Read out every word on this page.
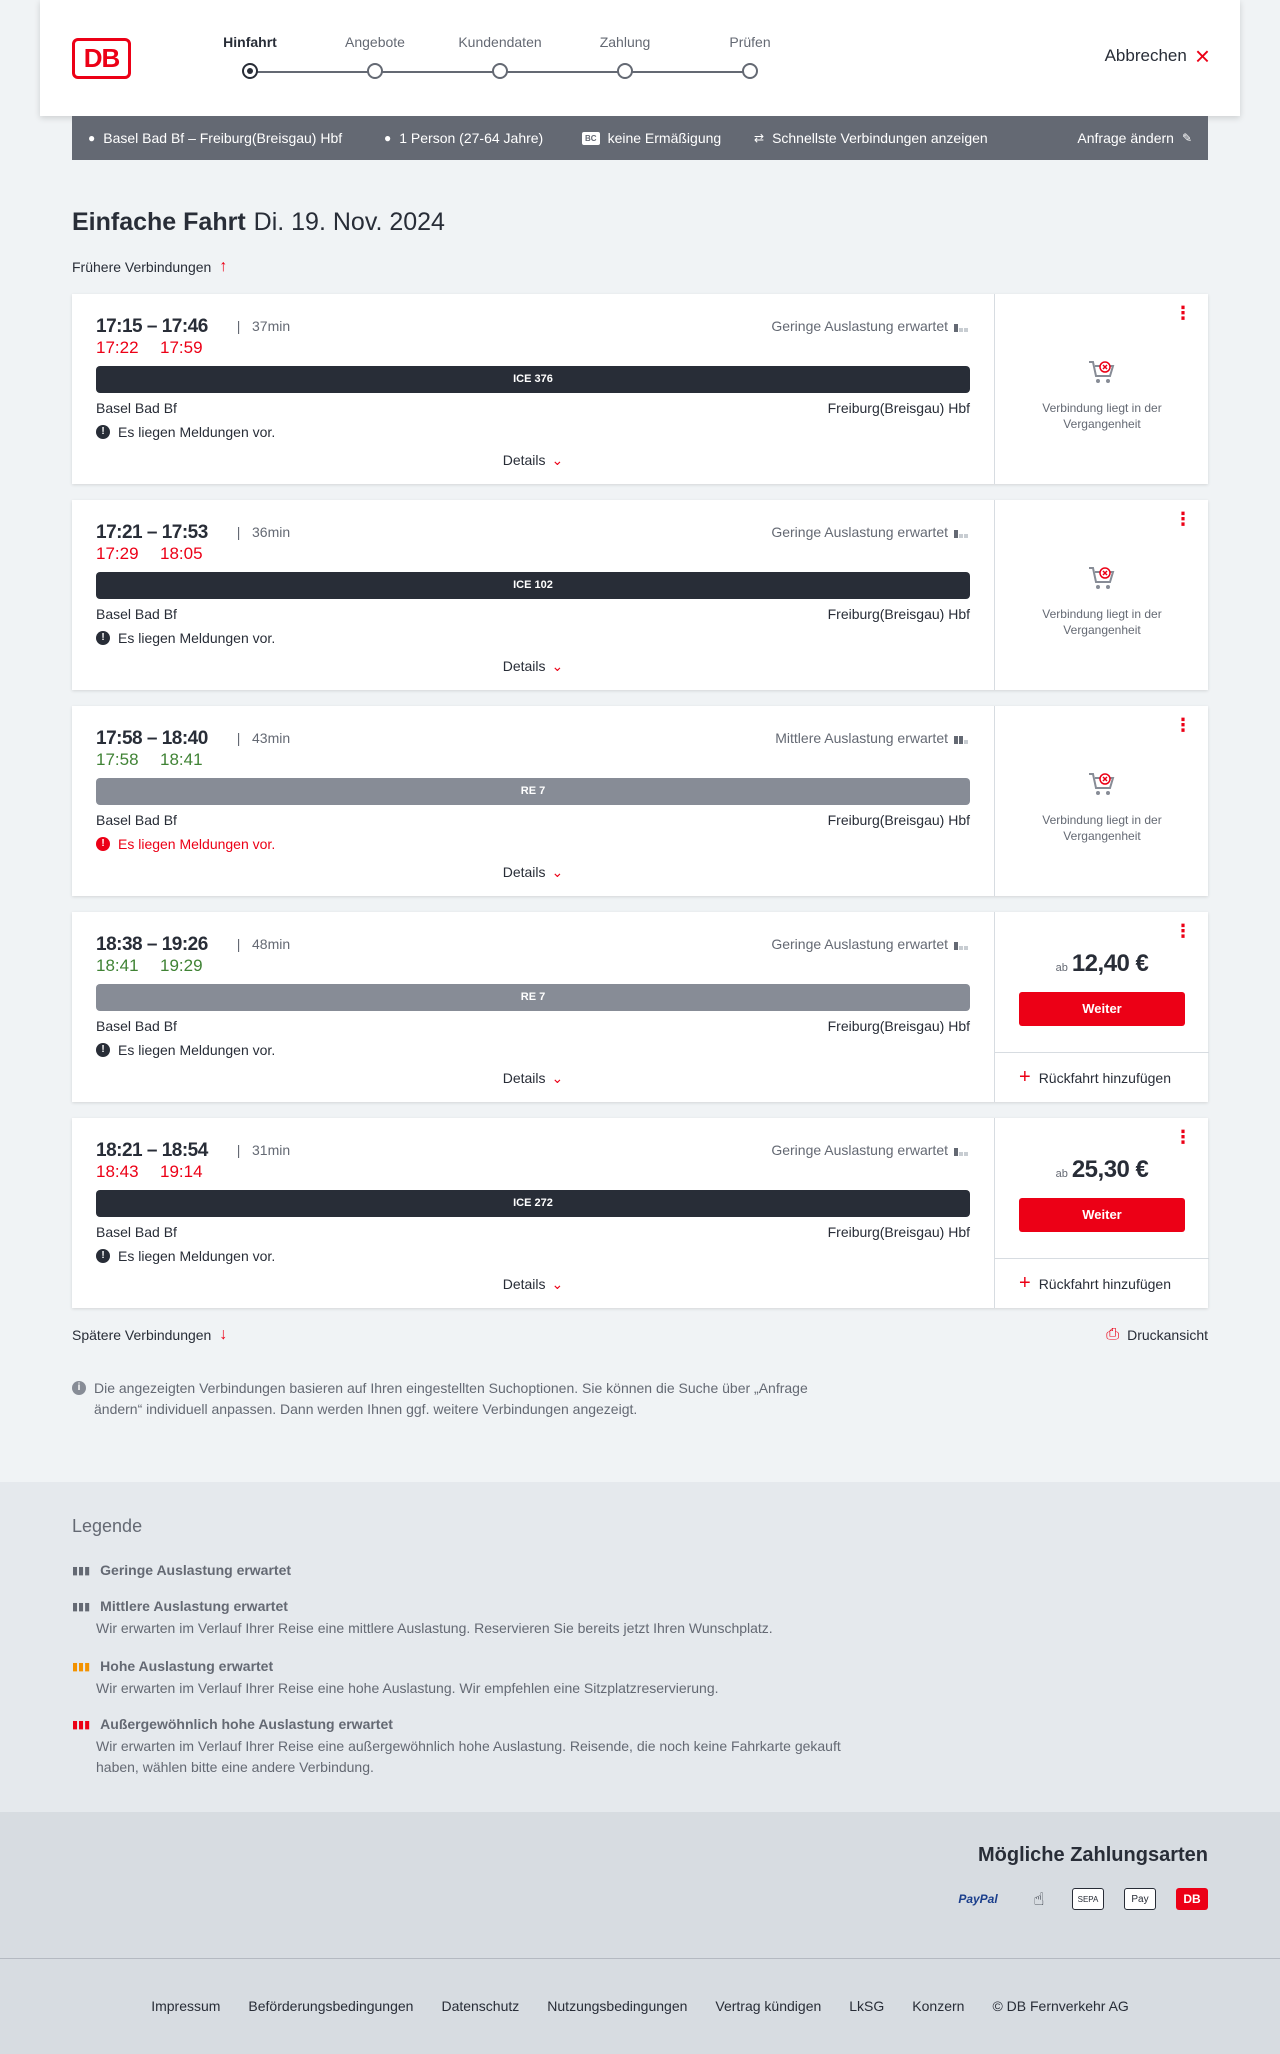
DB
Hinfahrt	Angebote	Kundendaten	Zahlung	Prüfen
Abbrechen ×
● Basel Bad Bf – Freiburg(Breisgau) Hbf	● 1 Person (27-64 Jahre)	BC keine Ermäßigung	⇄ Schnellste Verbindungen anzeigen	Anfrage ändern ✎
Einfache Fahrt Di. 19. Nov. 2024
Frühere Verbindungen ↑
17:15 – 17:46 |   37min
17:22 17:59
Geringe Auslastung erwartet
ICE 376
Basel Bad Bf	Freiburg(Breisgau) Hbf
! Es liegen Meldungen vor.
Details ⌄
⋮
Verbindung liegt in der Vergangenheit
17:21 – 17:53 |   36min
17:29 18:05
Geringe Auslastung erwartet
ICE 102
Basel Bad Bf	Freiburg(Breisgau) Hbf
! Es liegen Meldungen vor.
Details ⌄
⋮
Verbindung liegt in der Vergangenheit
17:58 – 18:40 |   43min
17:58 18:41
Mittlere Auslastung erwartet
RE 7
Basel Bad Bf	Freiburg(Breisgau) Hbf
! Es liegen Meldungen vor.
Details ⌄
⋮
Verbindung liegt in der Vergangenheit
18:38 – 19:26 |   48min
18:41 19:29
Geringe Auslastung erwartet
RE 7
Basel Bad Bf	Freiburg(Breisgau) Hbf
! Es liegen Meldungen vor.
Details ⌄
⋮
ab 12,40 €
Weiter
+ Rückfahrt hinzufügen
18:21 – 18:54 |   31min
18:43 19:14
Geringe Auslastung erwartet
ICE 272
Basel Bad Bf	Freiburg(Breisgau) Hbf
! Es liegen Meldungen vor.
Details ⌄
⋮
ab 25,30 €
Weiter
+ Rückfahrt hinzufügen
Spätere Verbindungen ↓	⎙ Druckansicht
i Die angezeigten Verbindungen basieren auf Ihren eingestellten Suchoptionen. Sie können die Suche über „Anfrage ändern“ individuell anpassen. Dann werden Ihnen ggf. weitere Verbindungen angezeigt.
Legende
▮▮▮ Geringe Auslastung erwartet
▮▮▮ Mittlere Auslastung erwartet
Wir erwarten im Verlauf Ihrer Reise eine mittlere Auslastung. Reservieren Sie bereits jetzt Ihren Wunschplatz.
▮▮▮ Hohe Auslastung erwartet
Wir erwarten im Verlauf Ihrer Reise eine hohe Auslastung. Wir empfehlen eine Sitzplatzreservierung.
▮▮▮ Außergewöhnlich hohe Auslastung erwartet
Wir erwarten im Verlauf Ihrer Reise eine außergewöhnlich hohe Auslastung. Reisende, die noch keine Fahrkarte gekauft haben, wählen bitte eine andere Verbindung.
Mögliche Zahlungsarten
PayPal	☝	SEPA	Pay	DB
Impressum Beförderungsbedingungen Datenschutz Nutzungsbedingungen Vertrag kündigen LkSG Konzern © DB Fernverkehr AG
